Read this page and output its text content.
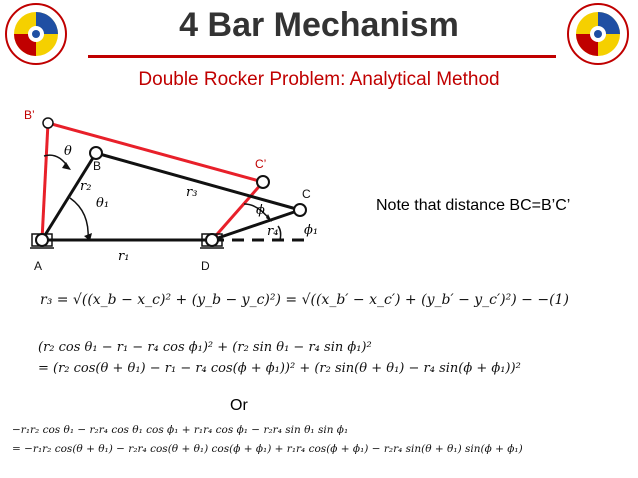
4 Bar Mechanism
Double Rocker Problem: Analytical Method
B’
B	C’
C
A	D
θ
r₂
θ₁
r₃
ϕ
r₄ ϕ₁
r₁
Note that distance BC=B’C’
r₃ = √((x_b − x_c)² + (y_b − y_c)²) = √((x_b′ − x_c′) + (y_b′ − y_c′)²) − −(1)
(r₂ cos θ₁ − r₁ − r₄ cos ϕ₁)² + (r₂ sin θ₁ − r₄ sin ϕ₁)²
= (r₂ cos(θ + θ₁) − r₁ − r₄ cos(ϕ + ϕ₁))² + (r₂ sin(θ + θ₁) − r₄ sin(ϕ + ϕ₁))²
Or
−r₁r₂ cos θ₁ − r₂r₄ cos θ₁ cos ϕ₁ + r₁r₄ cos ϕ₁ − r₂r₄ sin θ₁ sin ϕ₁
= −r₁r₂ cos(θ + θ₁) − r₂r₄ cos(θ + θ₁) cos(ϕ + ϕ₁) + r₁r₄ cos(ϕ + ϕ₁) − r₂r₄ sin(θ + θ₁) sin(ϕ + ϕ₁)
